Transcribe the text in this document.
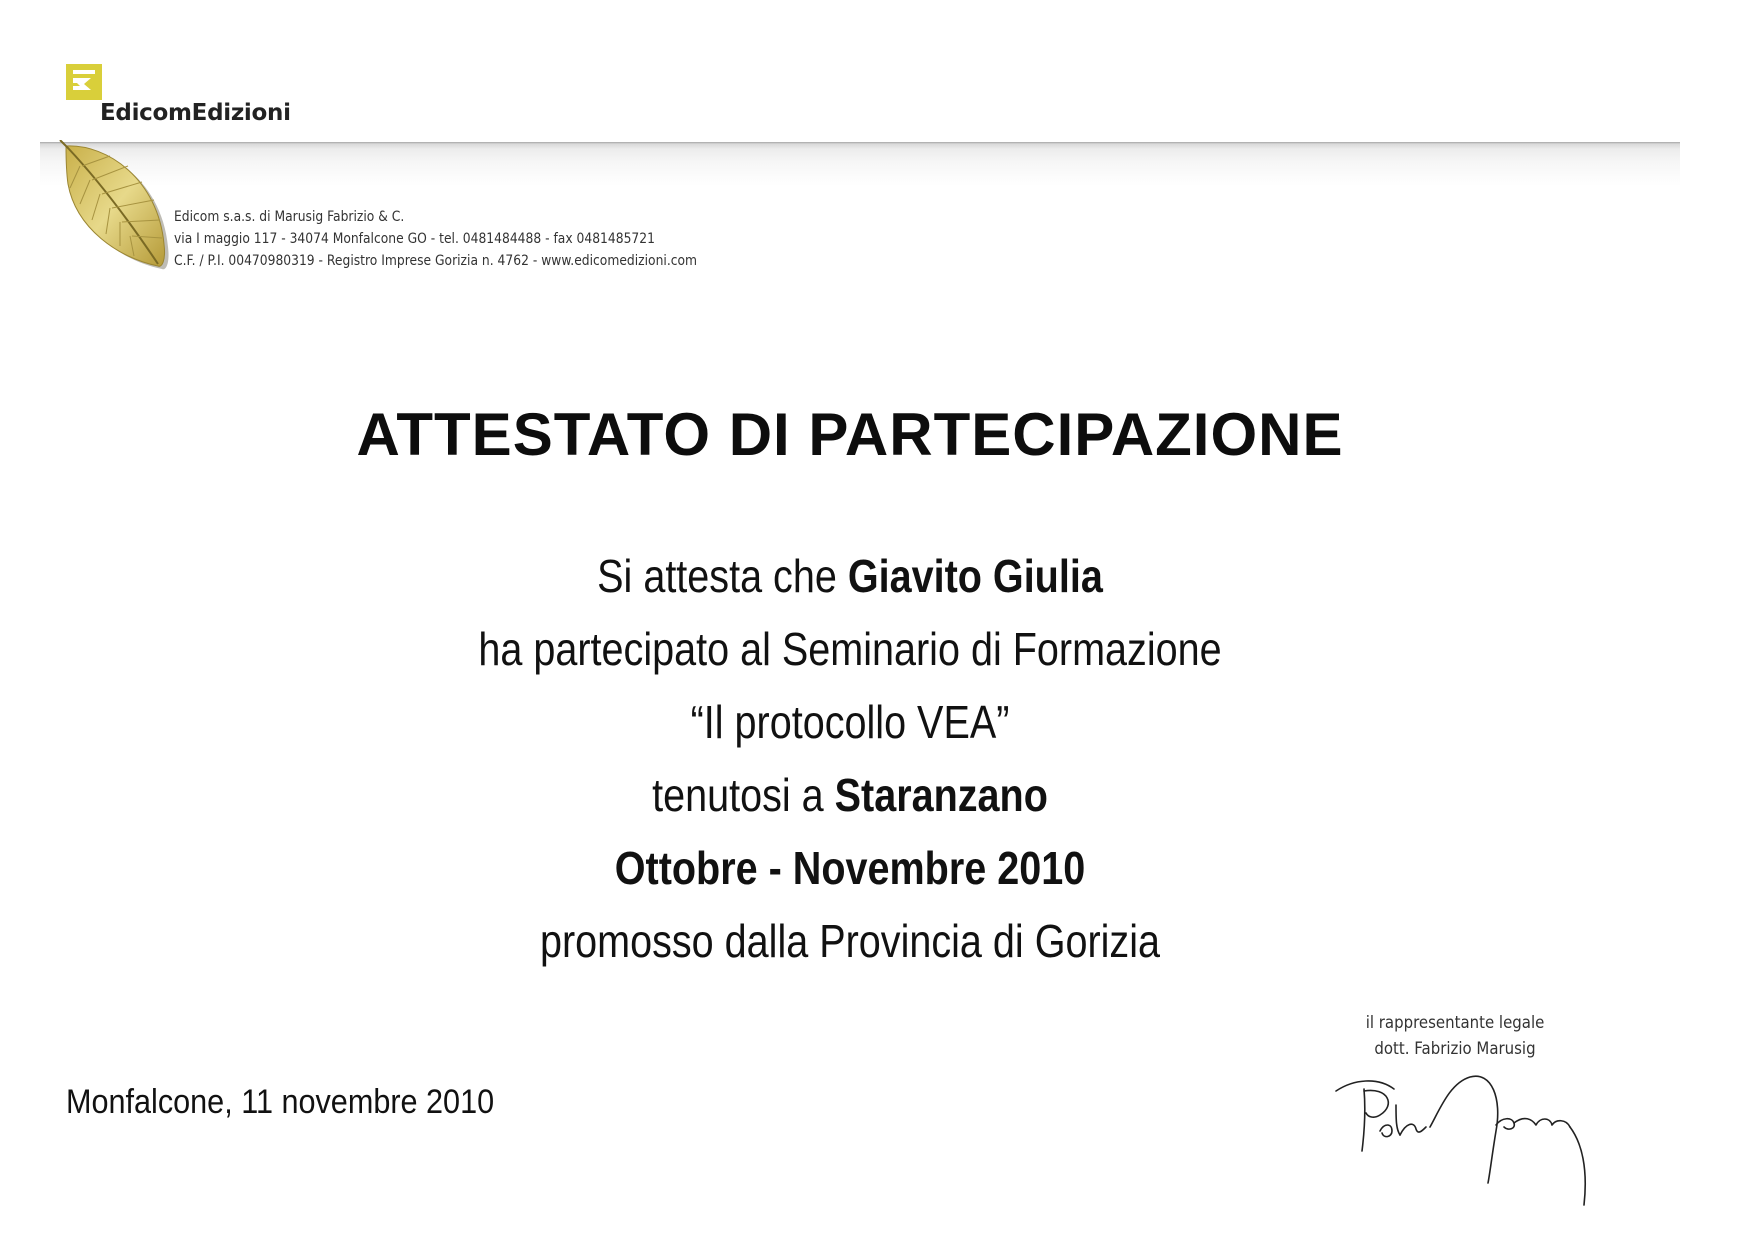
EdicomEdizioni
Edicom s.a.s. di Marusig Fabrizio & C.
via I maggio 117 - 34074 Monfalcone GO - tel. 0481484488 - fax 0481485721
C.F. / P.I. 00470980319 - Registro Imprese Gorizia n. 4762 - www.edicomedizioni.com
ATTESTATO DI PARTECIPAZIONE
Si attesta che Giavito Giulia
ha partecipato al Seminario di Formazione
“Il protocollo VEA”
tenutosi a Staranzano
Ottobre - Novembre 2010
promosso dalla Provincia di Gorizia
Monfalcone, 11 novembre 2010
il rappresentante legale
dott. Fabrizio Marusig
